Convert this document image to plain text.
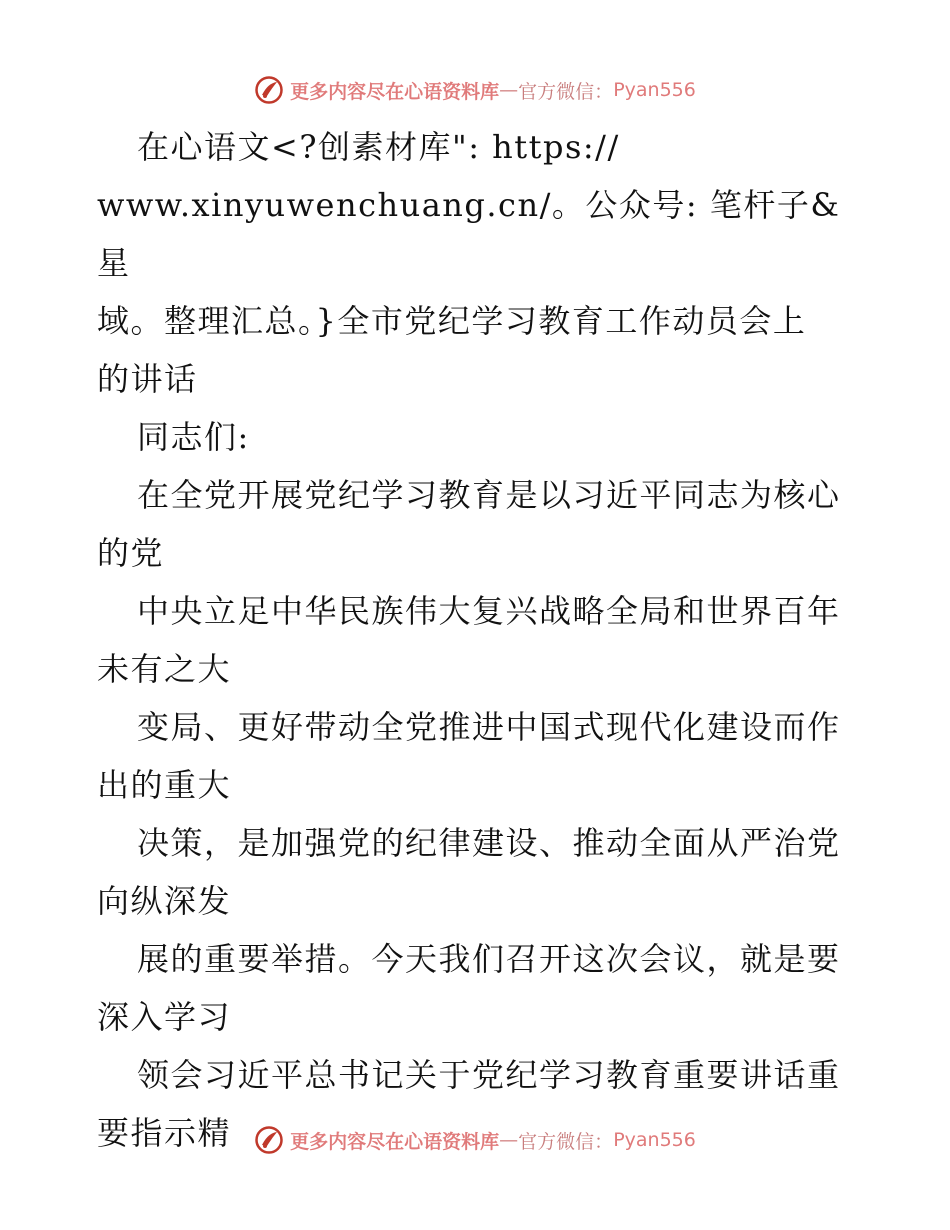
更多内容尽在心语资料库 — 官方微信： Pyan556

在心语文<?创素材库": https://
www.xinyuwenchuang.cn/。公众号: 笔杆子&星
域。整理汇总。}全市党纪学习教育工作动员会上
的讲话

同志们:

在全党开展党纪学习教育是以习近平同志为核心
的党

中央立足中华民族伟大复兴战略全局和世界百年
未有之大

变局、更好带动全党推进中国式现代化建设而作
出的重大

决策，是加强党的纪律建设、推动全面从严治党
向纵深发

展的重要举措。今天我们召开这次会议，就是要
深入学习

领会习近平总书记关于党纪学习教育重要讲话重
要指示精	更多内容尽在心语资料库 — 官方微信： Pyan556
